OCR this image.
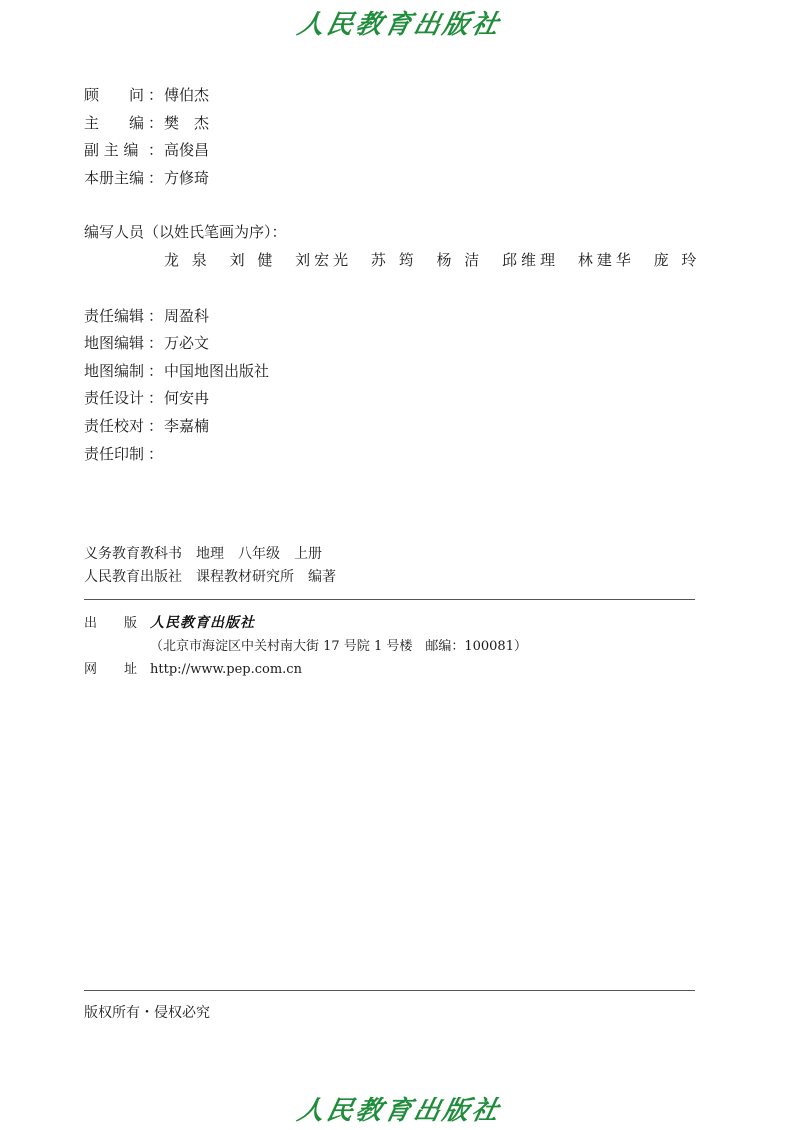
人民教育出版社
顾　　问 ： 傅伯杰
主　　编 ： 樊　杰
副 主 编 ： 高俊昌
本册主编 ： 方修琦
编写人员（以姓氏笔画为序）：
龙 泉 刘 健 刘宏光 苏 筠 杨 洁 邱维理 林建华 庞 玲
责任编辑 ： 周盈科
地图编辑 ： 万必文
地图编制 ： 中国地图出版社
责任设计 ： 何安冉
责任校对 ： 李嘉楠
责任印制 ：
义务教育教科书　地理　八年级　上册
人民教育出版社　课程教材研究所　编著
出 版 人民教育出版社
（北京市海淀区中关村南大街 17 号院 1 号楼　邮编：100081）
网 址 http://www.pep.com.cn
版权所有・侵权必究
人民教育出版社
